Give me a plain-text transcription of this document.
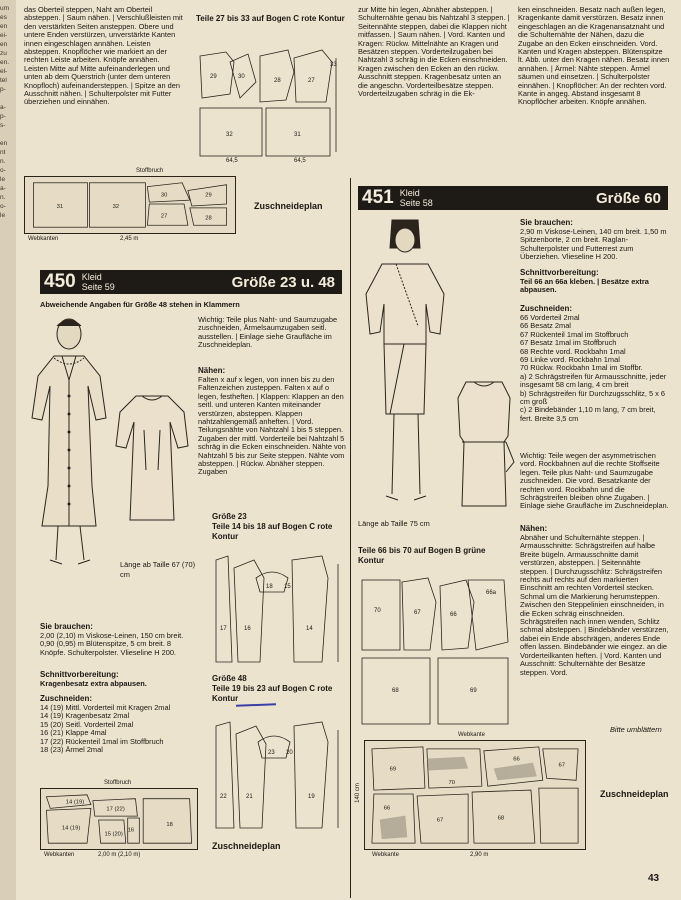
um
es
en
ei-
en
zu
en.
el-
tel
p-

a-
p-
s-

en
nt
n.
o-
le
a-
n.
o-
le
das Oberteil steppen, Naht am Oberteil absteppen. | Saum nähen. | Verschlußleisten mit den verstärkten Seiten ansteppen. Obere und untere Enden verstürzen, unverstärkte Kanten innen eingeschlagen annähen. Leisten absteppen. Knopflöcher wie markiert an der rechten Leiste arbeiten. Knöpfe annähen. Leisten Mitte auf Mitte aufeinanderlegen und unten ab dem Querstrich (unter dem unteren Knopfloch) aufeinandersteppen. | Spitze an den Ausschnitt nähen. | Schulterpolster mit Futter überziehen und einnähen.
Teile 27 bis 33 auf Bogen C rote Kontur
29	30
28	27
32	31
33
64,5	64,5
zur Mitte hin legen, Abnäher absteppen. | Schulternähte genau bis Nahtzahl 3 steppen. | Seitennähte steppen, dabei die Klappen nicht mitfassen. | Saum nähen. | Vord. Kanten und Kragen: Rückw. Mittelnähte an Kragen und Besätzen steppen. Vorderteilzugaben bei Nahtzahl 3 schräg in die Ecken einschneiden. Kragen zwischen den Ecken an den rückw. Ausschnitt steppen. Kragenbesatz unten an die angeschn. Vorderteilbesätze steppen. Vorderteilzugaben schräg in die Ek-
ken einschneiden. Besatz nach außen legen, Kragenkante damit verstürzen. Besatz innen eingeschlagen an die Kragenansatznaht und die Schulternähte der Nähen, dazu die Zugabe an den Ecken einschneiden. Vord. Kanten und Kragen absteppen. Blütenspitze lt. Abb. unter den Kragen nähen. Besatz innen annähen. | Ärmel: Nähte steppen. Ärmel säumen und einsetzen. | Schulterpolster einnähen. | Knopflöcher: An der rechten vord. Kante in angeg. Abstand insgesamt 8 Knopflöcher arbeiten. Knöpfe annähen.
31	32
30
27
29
28
Stoffbruch
Webkanten	2,45 m
Zuschneideplan
450 Kleid
Seite 59	Größe 23 u. 48
Abweichende Angaben für Größe 48 stehen in Klammern
Länge ab Taille 67 (70) cm
Wichtig: Teile plus Naht- und Saumzugabe zuschneiden, Ärmelsaumzugaben seitl. ausstellen. | Einlage siehe Graufläche im Zuschneideplan.
Nähen:
Falten x auf x legen, von innen bis zu den Faltenzeichen zusteppen. Falten x auf o legen, festheften. | Klappen: Klappen an den seitl. und unteren Kanten miteinander verstürzen, absteppen. Klappen nahtzahlengemäß anheften. | Vord. Teilungsnähte von Nahtzahl 1 bis 5 steppen. Zugaben der mittl. Vorderteile bei Nahtzahl 5 schräg in die Ecken einschneiden. Nähte von Nahtzahl 5 bis zur Seite steppen. Nähte vom absteppen. | Rückw. Abnäher steppen. Zugaben
Sie brauchen:
2,00 (2,10) m Viskose-Leinen, 150 cm breit. 0,90 (0,95) m Blütenspitze, 5 cm breit. 8 Knöpfe. Schulterpolster. Vlieseline H 200.
Schnittvorbereitung:
Kragenbesatz extra abpausen.
Zuschneiden:

14 (19) Mittl. Vorderteil mit Kragen 2mal

14 (19) Kragenbesatz 2mal

15 (20) Seitl. Vorderteil 2mal

16 (21) Klappe 4mal

17 (22) Rückenteil 1mal im Stoffbruch

18 (23) Ärmel 2mal

Größe 23
Teile 14 bis 18 auf Bogen C rote Kontur
17	16
18 15
14
Größe 48
Teile 19 bis 23 auf Bogen C rote Kontur
22	21
23 20
19
14 (19)
14 (19)
17 (22)
15 (20)
16
18
Stoffbruch
Webkanten	2,00 m (2,10 m)
Zuschneideplan
451 Kleid
Seite 58	Größe 60
Länge ab Taille 75 cm
Sie brauchen:
2,90 m Viskose-Leinen, 140 cm breit. 1,50 m Spitzenborte, 2 cm breit. Raglan-Schulterpolster und Futterrest zum Überziehen. Vlieseline H 200.
Schnittvorbereitung:
Teil 66 an 66a kleben. | Besätze extra abpausen.
Zuschneiden:

66 Vorderteil 2mal

66 Besatz 2mal

67 Rückenteil 1mal im Stoffbruch

67 Besatz 1mal im Stoffbruch

68 Rechte vord. Rockbahn 1mal

69 Linke vord. Rockbahn 1mal

70 Rückw. Rockbahn 1mal im Stoffbr.

a) 2 Schrägstreifen für Armausschnitte, jeder insgesamt 58 cm lang, 4 cm breit

b) Schrägstreifen für Durchzugsschlitz, 5 x 6 cm groß

c) 2 Bindebänder 1,10 m lang, 7 cm breit, fert. Breite 3,5 cm

Wichtig: Teile wegen der asymmetrischen vord. Rockbahnen auf die rechte Stoffseite legen. Teile plus Naht- und Saumzugabe zuschneiden. Die vord. Besatzkante der rechten vord. Rockbahn und die Schrägstreifen bleiben ohne Zugaben. | Einlage siehe Graufläche im Zuschneideplan.
Nähen:
Abnäher und Schulternähte steppen. | Armausschnitte: Schrägstreifen auf halbe Breite bügeln. Armausschnitte damit verstürzen, absteppen. | Seitennähte steppen. | Durchzugsschlitz: Schrägstreifen rechts auf rechts auf den markierten Einschnitt am rechten Vorderteil stecken. Schmal um die Markierung herumsteppen. Zwischen den Steppelinien einschneiden, in die Ecken schräg einschneiden. Schrägstreifen nach innen wenden, Schlitz schmal absteppen. | Bindebänder verstürzen, dabei ein Ende abschrägen, anderes Ende offen lassen. Bindebänder wie eingez. an die Vorderteilkanten heften. | Vord. Kanten und Ausschnitt: Schulternähte der Besätze steppen. Vord.
Bitte umblättern
Teile 66 bis 70 auf Bogen B grüne Kontur
70	67	66
66a
68	69
69
70
66
67
66
67	68
Webkante
Webkante	2,90 m
140 cm	Zuschneideplan
43
